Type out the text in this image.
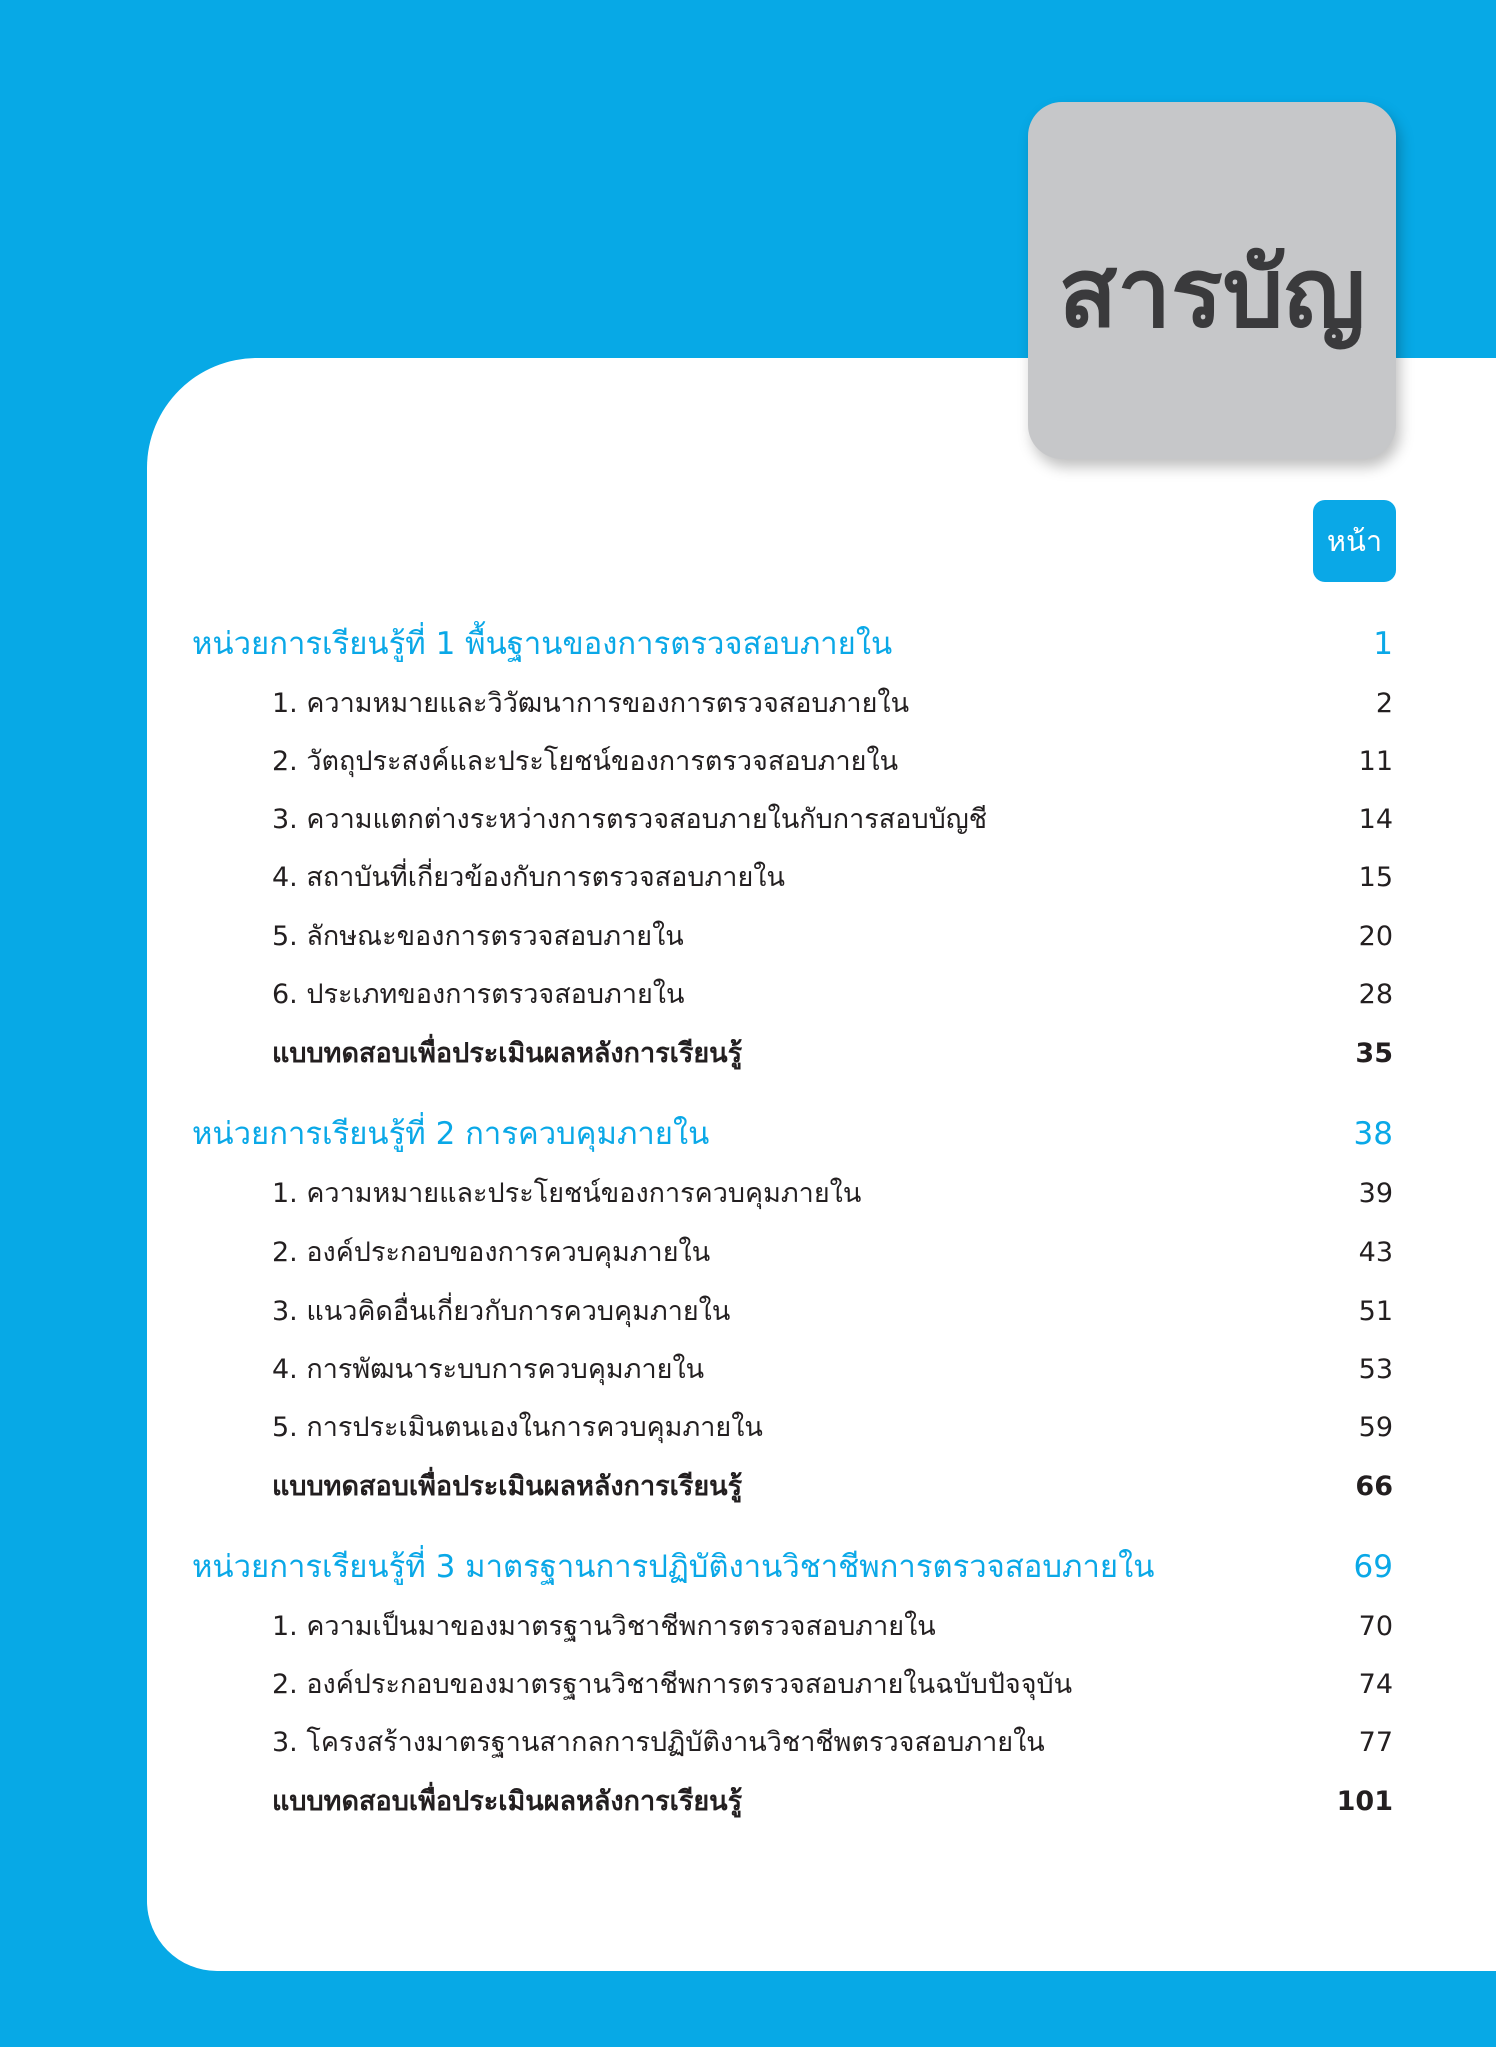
สารบัญ
หน้า
หน่วยการเรียนรู้ที่ 1 พื้นฐานของการตรวจสอบภายใน	1
1. ความหมายและวิวัฒนาการของการตรวจสอบภายใน	2
2. วัตถุประสงค์และประโยชน์ของการตรวจสอบภายใน	11
3. ความแตกต่างระหว่างการตรวจสอบภายในกับการสอบบัญชี	14
4. สถาบันที่เกี่ยวข้องกับการตรวจสอบภายใน	15
5. ลักษณะของการตรวจสอบภายใน	20
6. ประเภทของการตรวจสอบภายใน	28
แบบทดสอบเพื่อประเมินผลหลังการเรียนรู้	35
หน่วยการเรียนรู้ที่ 2 การควบคุมภายใน	38
1. ความหมายและประโยชน์ของการควบคุมภายใน	39
2. องค์ประกอบของการควบคุมภายใน	43
3. แนวคิดอื่นเกี่ยวกับการควบคุมภายใน	51
4. การพัฒนาระบบการควบคุมภายใน	53
5. การประเมินตนเองในการควบคุมภายใน	59
แบบทดสอบเพื่อประเมินผลหลังการเรียนรู้	66
หน่วยการเรียนรู้ที่ 3 มาตรฐานการปฏิบัติงานวิชาชีพการตรวจสอบภายใน	69
1. ความเป็นมาของมาตรฐานวิชาชีพการตรวจสอบภายใน	70
2. องค์ประกอบของมาตรฐานวิชาชีพการตรวจสอบภายในฉบับปัจจุบัน	74
3. โครงสร้างมาตรฐานสากลการปฏิบัติงานวิชาชีพตรวจสอบภายใน	77
แบบทดสอบเพื่อประเมินผลหลังการเรียนรู้	101
